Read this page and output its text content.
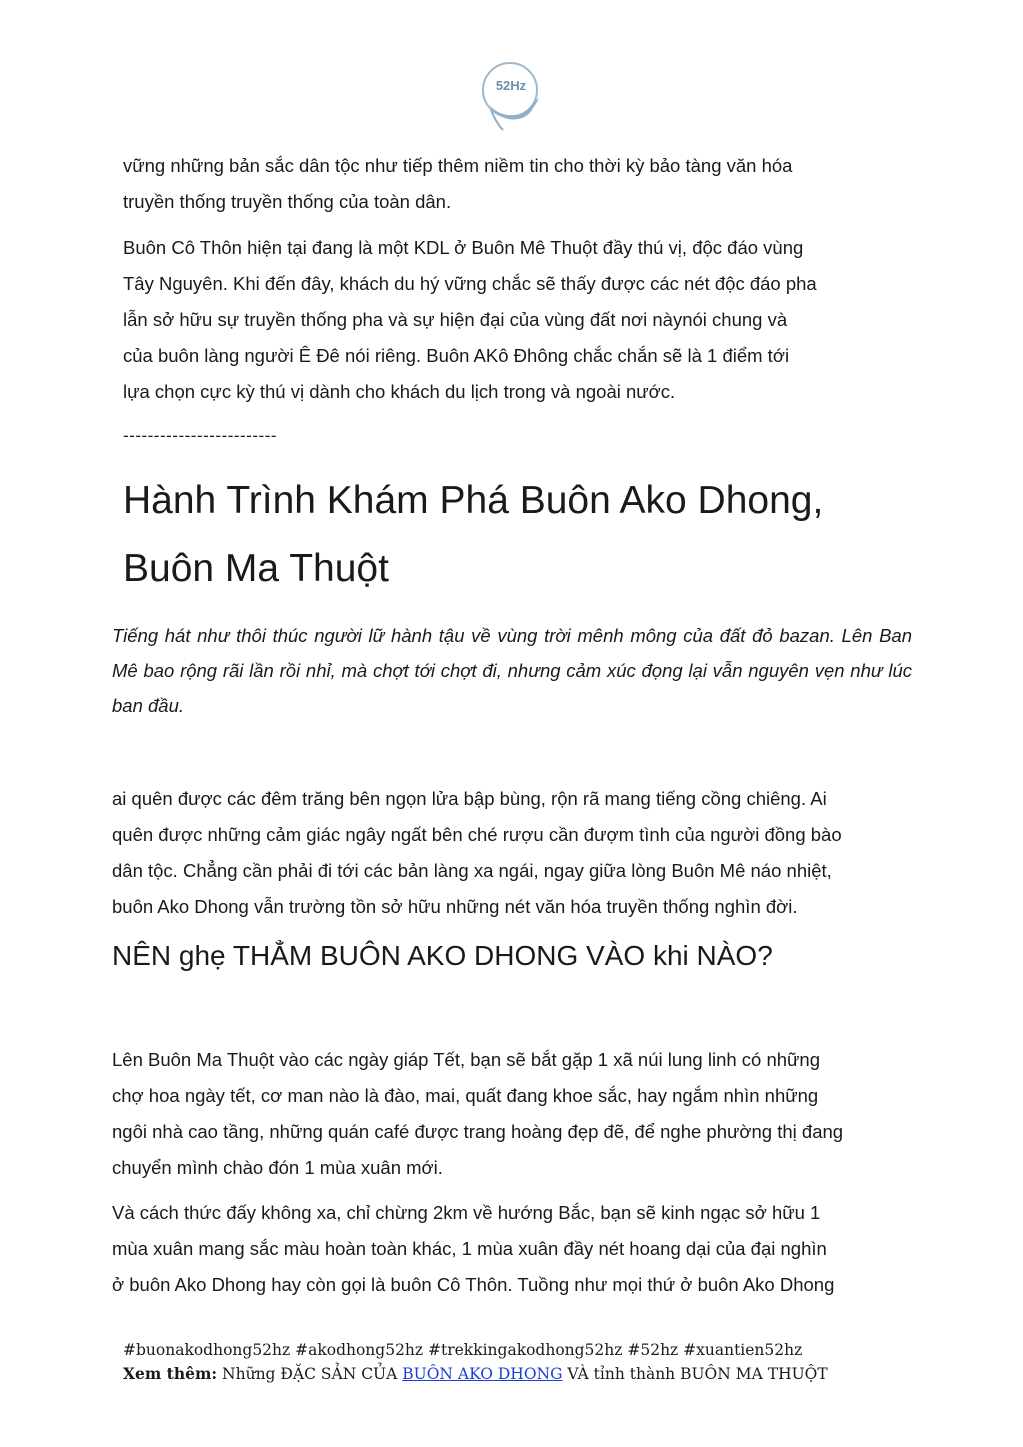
52Hz
vững những bản sắc dân tộc như tiếp thêm niềm tin cho thời kỳ bảo tàng văn hóa
truyền thống truyền thống của toàn dân.
Buôn Cô Thôn hiện tại đang là một KDL ở Buôn Mê Thuột đầy thú vị, độc đáo vùng
Tây Nguyên. Khi đến đây, khách du hý vững chắc sẽ thấy được các nét độc đáo pha
lẫn sở hữu sự truyền thống pha và sự hiện đại của vùng đất nơi nàynói chung và
của buôn làng người Ê Đê nói riêng. Buôn AKô Đhông chắc chắn sẽ là 1 điểm tới
lựa chọn cực kỳ thú vị dành cho khách du lịch trong và ngoài nước.
-------------------------
Hành Trình Khám Phá Buôn Ako Dhong,
Buôn Ma Thuột

Tiếng hát như thôi thúc người lữ hành tậu về vùng trời mênh mông của đất đỏ bazan. Lên Ban Mê bao rộng rãi lần rồi nhỉ, mà chợt tới chợt đi, nhưng cảm xúc đọng lại vẫn nguyên vẹn như lúc ban đầu.

ai quên được các đêm trăng bên ngọn lửa bập bùng, rộn rã mang tiếng cồng chiêng. Ai
quên được những cảm giác ngây ngất bên ché rượu cần đượm tình của người đồng bào
dân tộc. Chẳng cần phải đi tới các bản làng xa ngái, ngay giữa lòng Buôn Mê náo nhiệt,
buôn Ako Dhong vẫn trường tồn sở hữu những nét văn hóa truyền thống nghìn đời.
NÊN ghẹ THẲM BUÔN AKO DHONG VÀO khi NÀO?
Lên Buôn Ma Thuột vào các ngày giáp Tết, bạn sẽ bắt gặp 1 xã núi lung linh có những
chợ hoa ngày tết, cơ man nào là đào, mai, quất đang khoe sắc, hay ngắm nhìn những
ngôi nhà cao tầng, những quán café được trang hoàng đẹp đẽ, để nghe phường thị đang
chuyển mình chào đón 1 mùa xuân mới.
Và cách thức đấy không xa, chỉ chừng 2km về hướng Bắc, bạn sẽ kinh ngạc sở hữu 1
mùa xuân mang sắc màu hoàn toàn khác, 1 mùa xuân đầy nét hoang dại của đại nghìn
ở buôn Ako Dhong hay còn gọi là buôn Cô Thôn. Tuồng như mọi thứ ở buôn Ako Dhong
#buonakodhong52hz #akodhong52hz #trekkingakodhong52hz #52hz #xuantien52hz
Xem thêm: Những ĐẶC SẢN CỦA BUÔN AKO DHONG VÀ tỉnh thành BUÔN MA THUỘT
